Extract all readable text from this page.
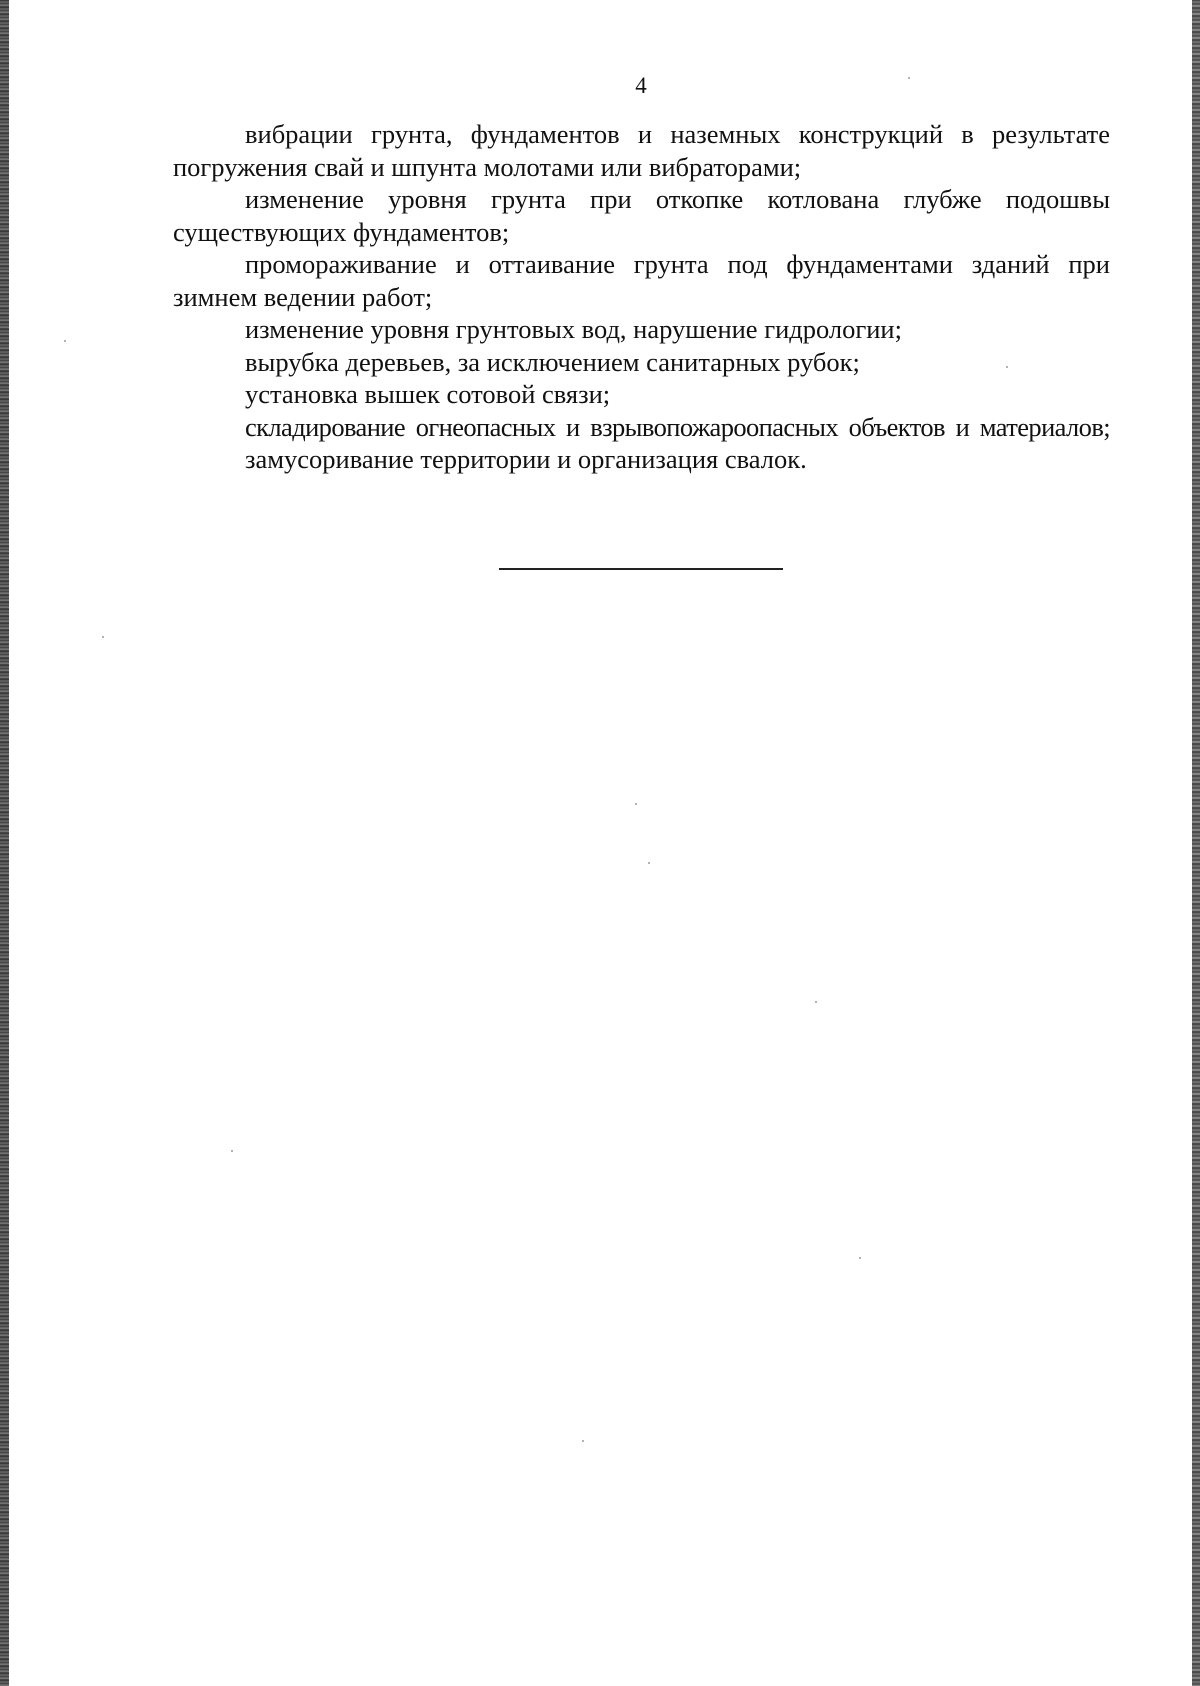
4

вибрации грунта, фундаментов и наземных конструкций в результате погружения свай и шпунта молотами или вибраторами;

изменение уровня грунта при откопке котлована глубже подошвы существующих фундаментов;

промораживание и оттаивание грунта под фундаментами зданий при зимнем ведении работ;

изменение уровня грунтовых вод, нарушение гидрологии;

вырубка деревьев, за исключением санитарных рубок;

установка вышек сотовой связи;

складирование огнеопасных и взрывопожароопасных объектов и материалов;

замусоривание территории и организация свалок.
